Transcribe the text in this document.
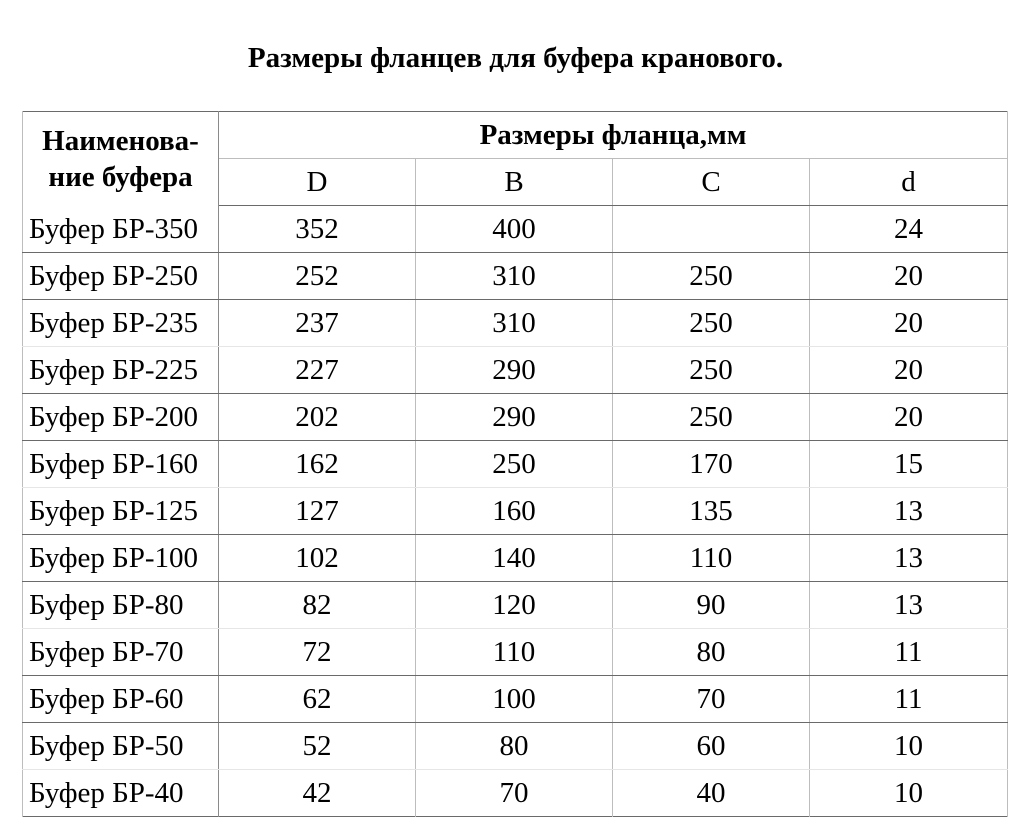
Размеры фланцев для буфера кранового.
Наименова-
ние буфера	Размеры фланца,мм			
	D	B	C	d
Буфер БР-350	352	400		24
Буфер БР-250	252	310	250	20
Буфер БР-235	237	310	250	20
Буфер БР-225	227	290	250	20
Буфер БР-200	202	290	250	20
Буфер БР-160	162	250	170	15
Буфер БР-125	127	160	135	13
Буфер БР-100	102	140	110	13
Буфер БР-80	82	120	90	13
Буфер БР-70	72	110	80	11
Буфер БР-60	62	100	70	11
Буфер БР-50	52	80	60	10
Буфер БР-40	42	70	40	10
